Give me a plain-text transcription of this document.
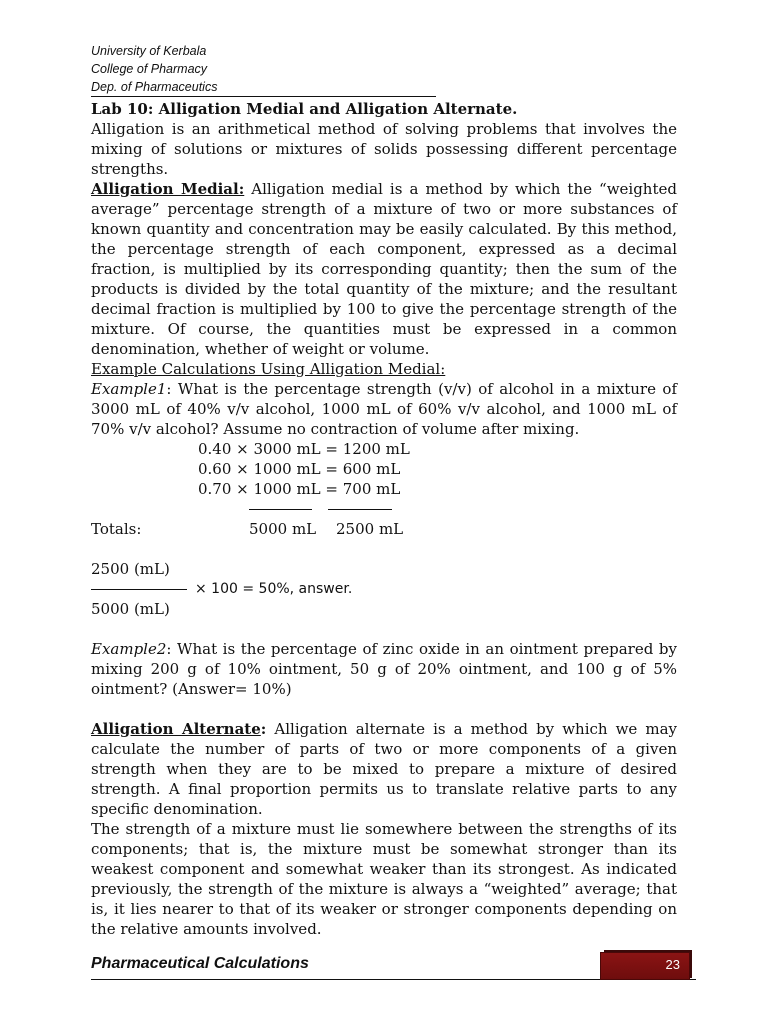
University of Kerbala
College of Pharmacy
Dep. of Pharmaceutics

Lab 10: Alligation Medial and Alligation Alternate.

Alligation is an arithmetical method of solving problems that involves the mixing of solutions or mixtures of solids possessing different percentage strengths.

Alligation Medial: Alligation medial is a method by which the “weighted average” percentage strength of a mixture of two or more substances of known quantity and concentration may be easily calculated. By this method, the percentage strength of each component, expressed as a decimal fraction, is multiplied by its corresponding quantity; then the sum of the products is divided by the total quantity of the mixture; and the resultant decimal fraction is multiplied by 100 to give the percentage strength of the mixture. Of course, the quantities must be expressed in a common denomination, whether of weight or volume.

Example Calculations Using Alligation Medial:

Example1: What is the percentage strength (v/v) of alcohol in a mixture of 3000 mL of 40% v/v alcohol, 1000 mL of 60% v/v alcohol, and 1000 mL of 70% v/v alcohol? Assume no contraction of volume after mixing.

0.40 × 3000 mL = 1200 mL
0.60 × 1000 mL = 600 mL
0.70 × 1000 mL = 700 mL
Totals:	5000 mL 2500 mL
2500 (mL)
× 100 = 50%, answer.
5000 (mL)

Example2: What is the percentage of zinc oxide in an ointment prepared by mixing 200 g of 10% ointment, 50 g of 20% ointment, and 100 g of 5% ointment? (Answer= 10%)

Alligation Alternate: Alligation alternate is a method by which we may calculate the number of parts of two or more components of a given strength when they are to be mixed to prepare a mixture of desired strength. A final proportion permits us to translate relative parts to any specific denomination.

The strength of a mixture must lie somewhere between the strengths of its components; that is, the mixture must be somewhat stronger than its weakest component and somewhat weaker than its strongest. As indicated previously, the strength of the mixture is always a “weighted” average; that is, it lies nearer to that of its weaker or stronger components depending on the relative amounts involved.

Pharmaceutical Calculations	23
